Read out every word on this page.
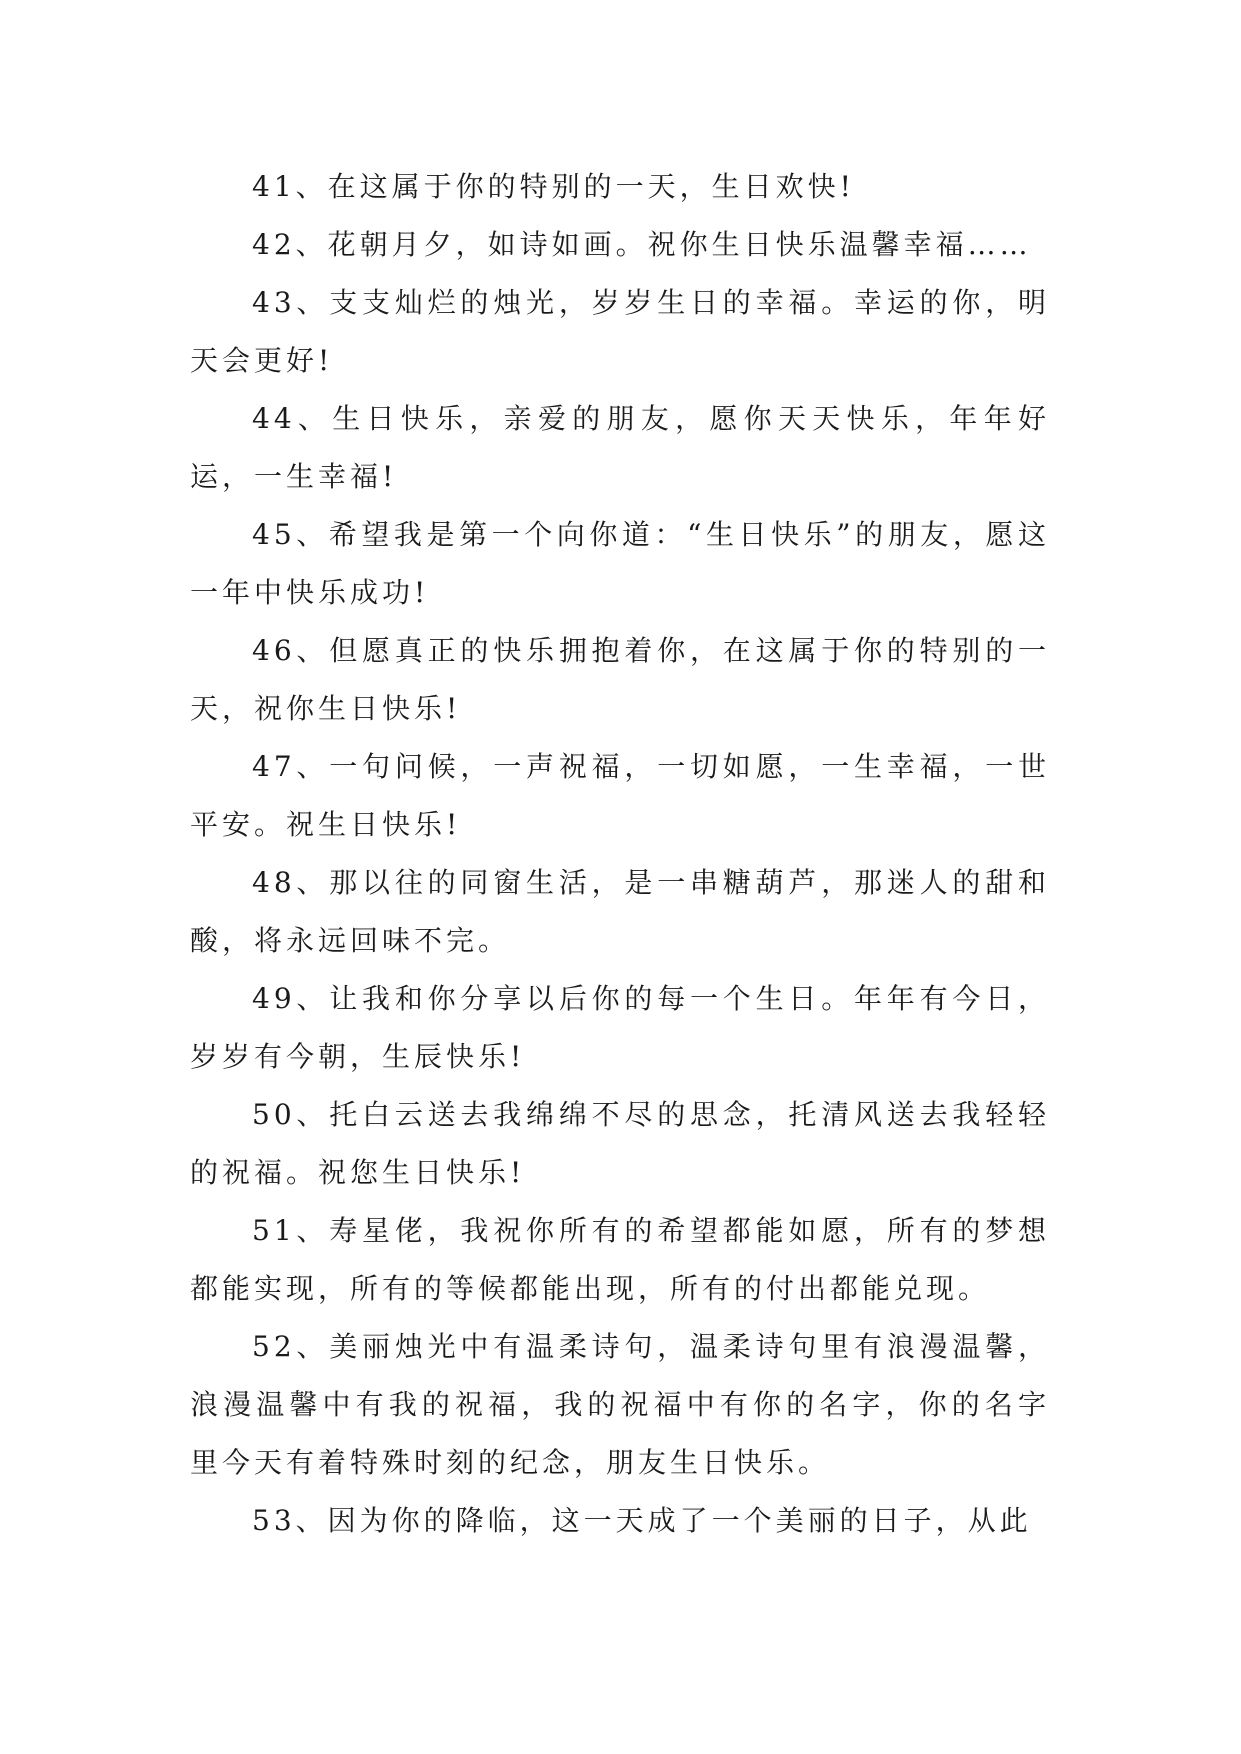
41、在这属于你的特别的一天，生日欢快!

42、花朝月夕，如诗如画。祝你生日快乐温馨幸福……

43、支支灿烂的烛光，岁岁生日的幸福。幸运的你，明天会更好!

44、生日快乐，亲爱的朋友，愿你天天快乐，年年好运，一生幸福!

45、希望我是第一个向你道：“生日快乐”的朋友，愿这一年中快乐成功!

46、但愿真正的快乐拥抱着你，在这属于你的特别的一天，祝你生日快乐!

47、一句问候，一声祝福，一切如愿，一生幸福，一世平安。祝生日快乐!

48、那以往的同窗生活，是一串糖葫芦，那迷人的甜和酸，将永远回味不完。

49、让我和你分享以后你的每一个生日。年年有今日，岁岁有今朝，生辰快乐!

50、托白云送去我绵绵不尽的思念，托清风送去我轻轻的祝福。祝您生日快乐!

51、寿星佬，我祝你所有的希望都能如愿，所有的梦想都能实现，所有的等候都能出现，所有的付出都能兑现。

52、美丽烛光中有温柔诗句，温柔诗句里有浪漫温馨，浪漫温馨中有我的祝福，我的祝福中有你的名字，你的名字里今天有着特殊时刻的纪念，朋友生日快乐。

53、因为你的降临，这一天成了一个美丽的日子，从此
